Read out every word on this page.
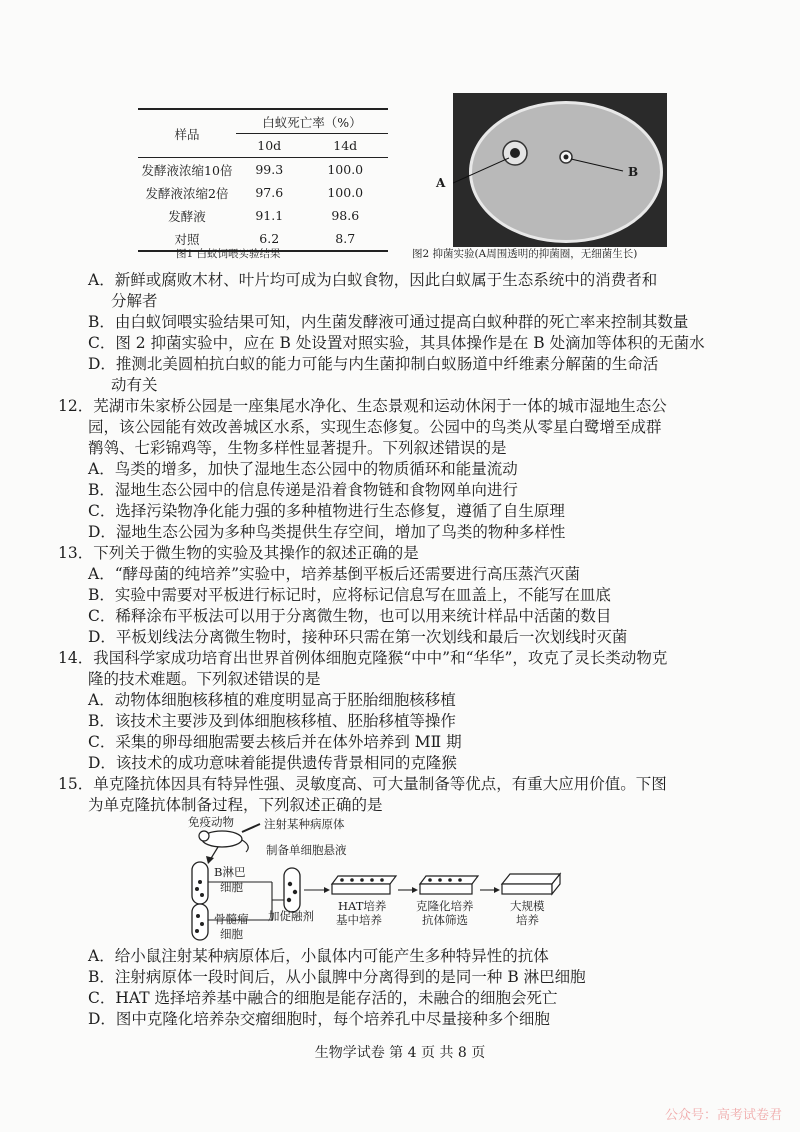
样品	白蚁死亡率（%）	
	10d	14d
发酵液浓缩10倍	99.3	100.0
发酵液浓缩2倍	97.6	100.0
发酵液	91.1	98.6
对照	6.2	8.7
图1 白蚁饲喂实验结果
A
B
图2 抑菌实验(A周围透明的抑菌圈，无细菌生长)
A．新鲜或腐败木材、叶片均可成为白蚁食物，因此白蚁属于生态系统中的消费者和
分解者
B．由白蚁饲喂实验结果可知，内生菌发酵液可通过提高白蚁种群的死亡率来控制其数量
C．图 2 抑菌实验中，应在 B 处设置对照实验，其具体操作是在 B 处滴加等体积的无菌水
D．推测北美圆柏抗白蚁的能力可能与内生菌抑制白蚁肠道中纤维素分解菌的生命活
动有关
12．芜湖市朱家桥公园是一座集尾水净化、生态景观和运动休闲于一体的城市湿地生态公
园，该公园能有效改善城区水系，实现生态修复。公园中的鸟类从零星白鹭增至成群
鹡鸰、七彩锦鸡等，生物多样性显著提升。下列叙述错误的是
A．鸟类的增多，加快了湿地生态公园中的物质循环和能量流动
B．湿地生态公园中的信息传递是沿着食物链和食物网单向进行
C．选择污染物净化能力强的多种植物进行生态修复，遵循了自生原理
D．湿地生态公园为多种鸟类提供生存空间，增加了鸟类的物种多样性
13．下列关于微生物的实验及其操作的叙述正确的是
A．“酵母菌的纯培养”实验中，培养基倒平板后还需要进行高压蒸汽灭菌
B．实验中需要对平板进行标记时，应将标记信息写在皿盖上，不能写在皿底
C．稀释涂布平板法可以用于分离微生物，也可以用来统计样品中活菌的数目
D．平板划线法分离微生物时，接种环只需在第一次划线和最后一次划线时灭菌
14．我国科学家成功培育出世界首例体细胞克隆猴“中中”和“华华”，攻克了灵长类动物克
隆的技术难题。下列叙述错误的是
A．动物体细胞核移植的难度明显高于胚胎细胞核移植
B．该技术主要涉及到体细胞核移植、胚胎移植等操作
C．采集的卵母细胞需要去核后并在体外培养到 MⅡ 期
D．该技术的成功意味着能提供遗传背景相同的克隆猴
15．单克隆抗体因具有特异性强、灵敏度高、可大量制备等优点，有重大应用价值。下图
为单克隆抗体制备过程，下列叙述正确的是
免疫动物	注射某种病原体
制备单细胞悬液
B淋巴
细胞
骨髓瘤
细胞
加促融剂
HAT培养
基中培养
克隆化培养
抗体筛选
大规模
培养
A．给小鼠注射某种病原体后，小鼠体内可能产生多种特异性的抗体
B．注射病原体一段时间后，从小鼠脾中分离得到的是同一种 B 淋巴细胞
C．HAT 选择培养基中融合的细胞是能存活的，未融合的细胞会死亡
D．图中克隆化培养杂交瘤细胞时，每个培养孔中尽量接种多个细胞
生物学试卷 第 4 页 共 8 页
公众号：高考试卷君
